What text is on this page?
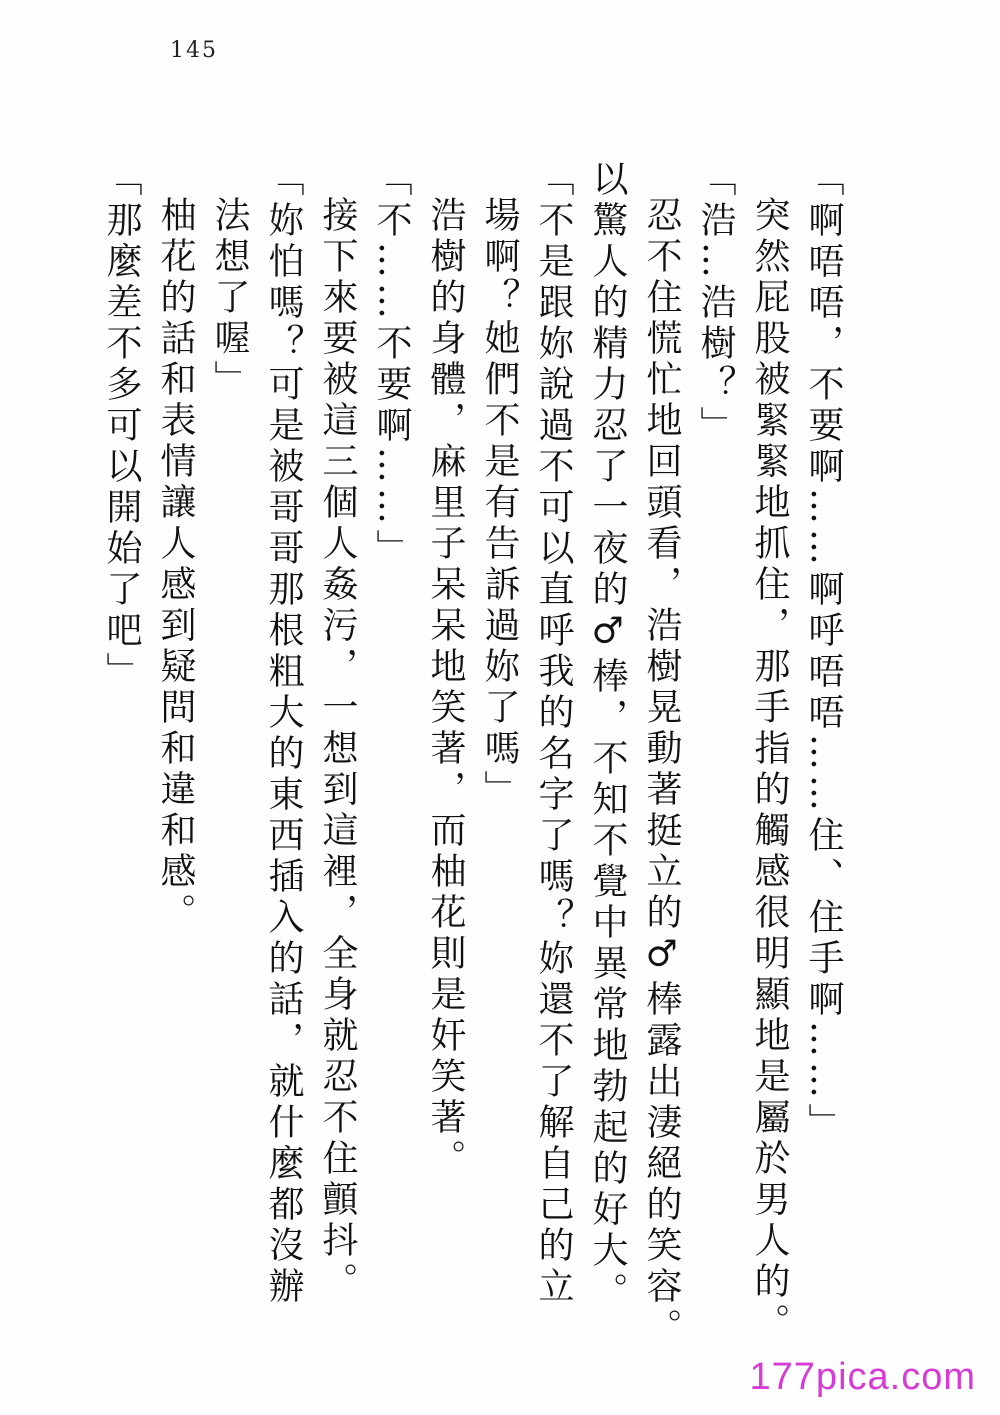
145

「啊唔唔，不要啊……啊呼唔唔……住、住手啊……」

突然屁股被緊緊地抓住，那手指的觸感很明顯地是屬於男人的。

「浩…浩樹？」

忍不住慌忙地回頭看，浩樹晃動著挺立的♂棒露出淒絕的笑容。

以驚人的精力忍了一夜的♂棒，不知不覺中異常地勃起的好大。

「不是跟妳說過不可以直呼我的名字了嗎？妳還不了解自己的立

場啊？她們不是有告訴過妳了嗎」

浩樹的身體，麻里子呆呆地笑著，而柚花則是奸笑著。

「不……不要啊……」

接下來要被這三個人姦污，一想到這裡，全身就忍不住顫抖。

「妳怕嗎？可是被哥哥那根粗大的東西插入的話，就什麼都沒辦

法想了喔」

柚花的話和表情讓人感到疑問和違和感。

「那麼差不多可以開始了吧」

177pica.com
